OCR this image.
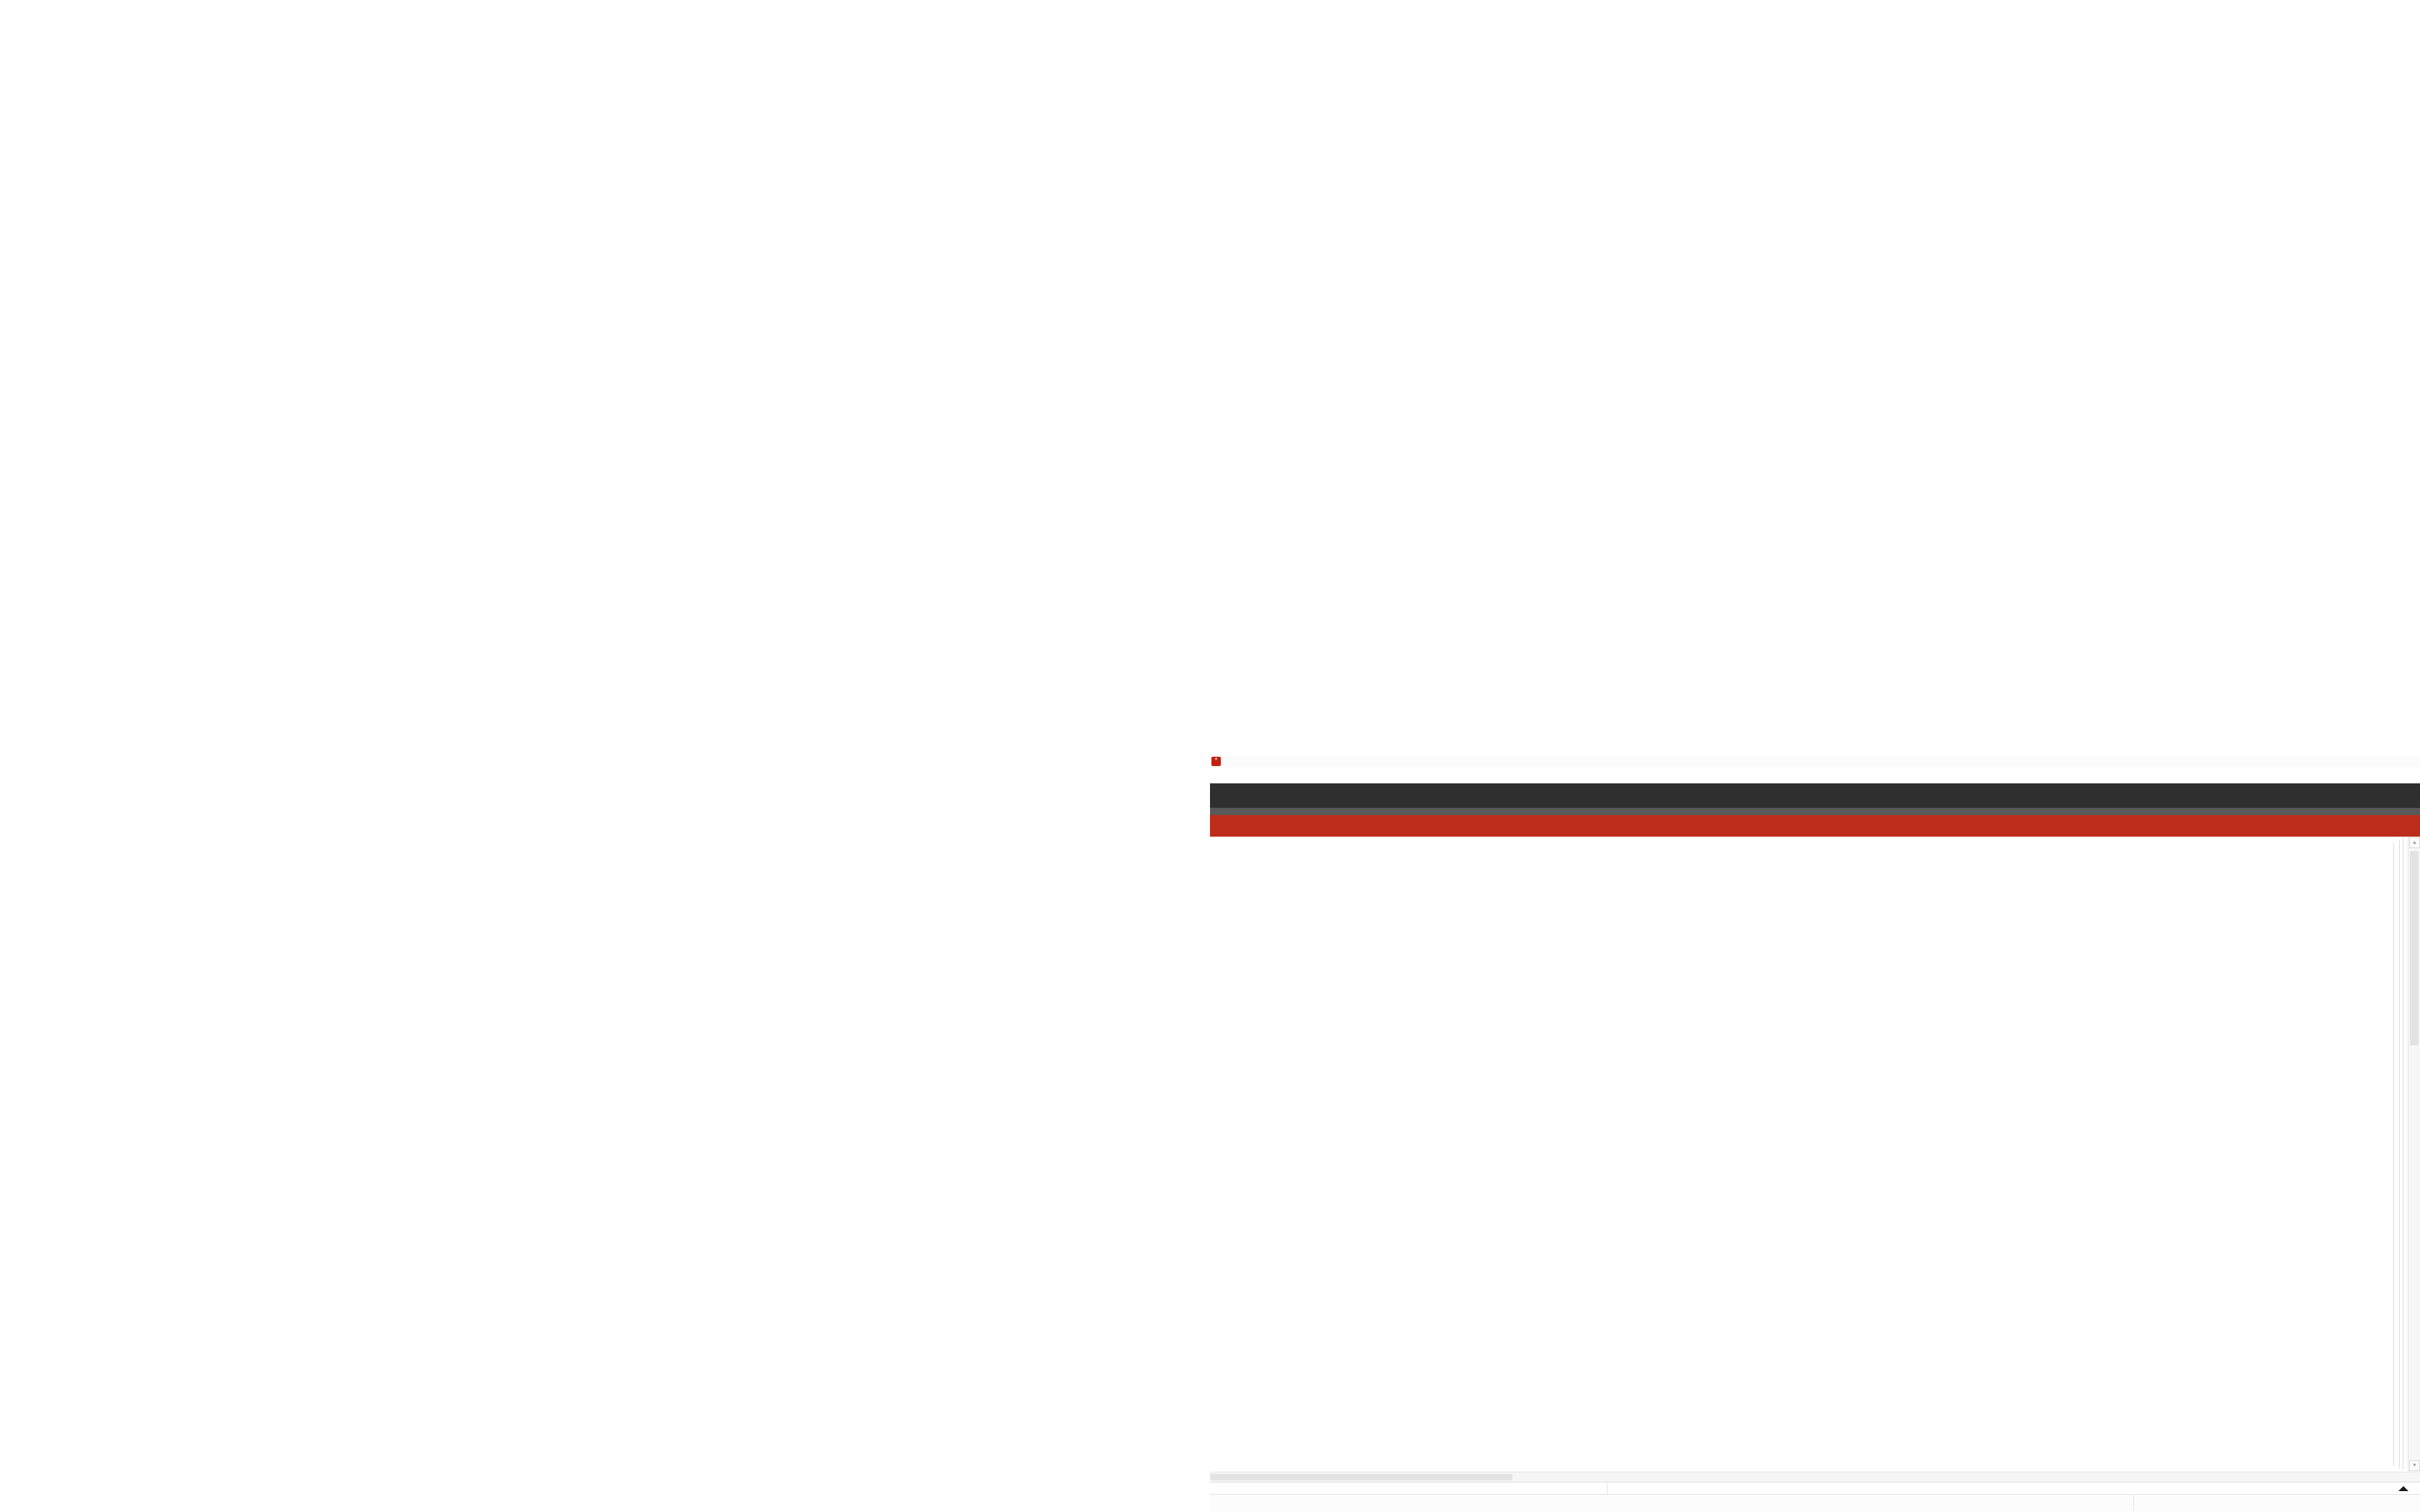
*
▲
▼
